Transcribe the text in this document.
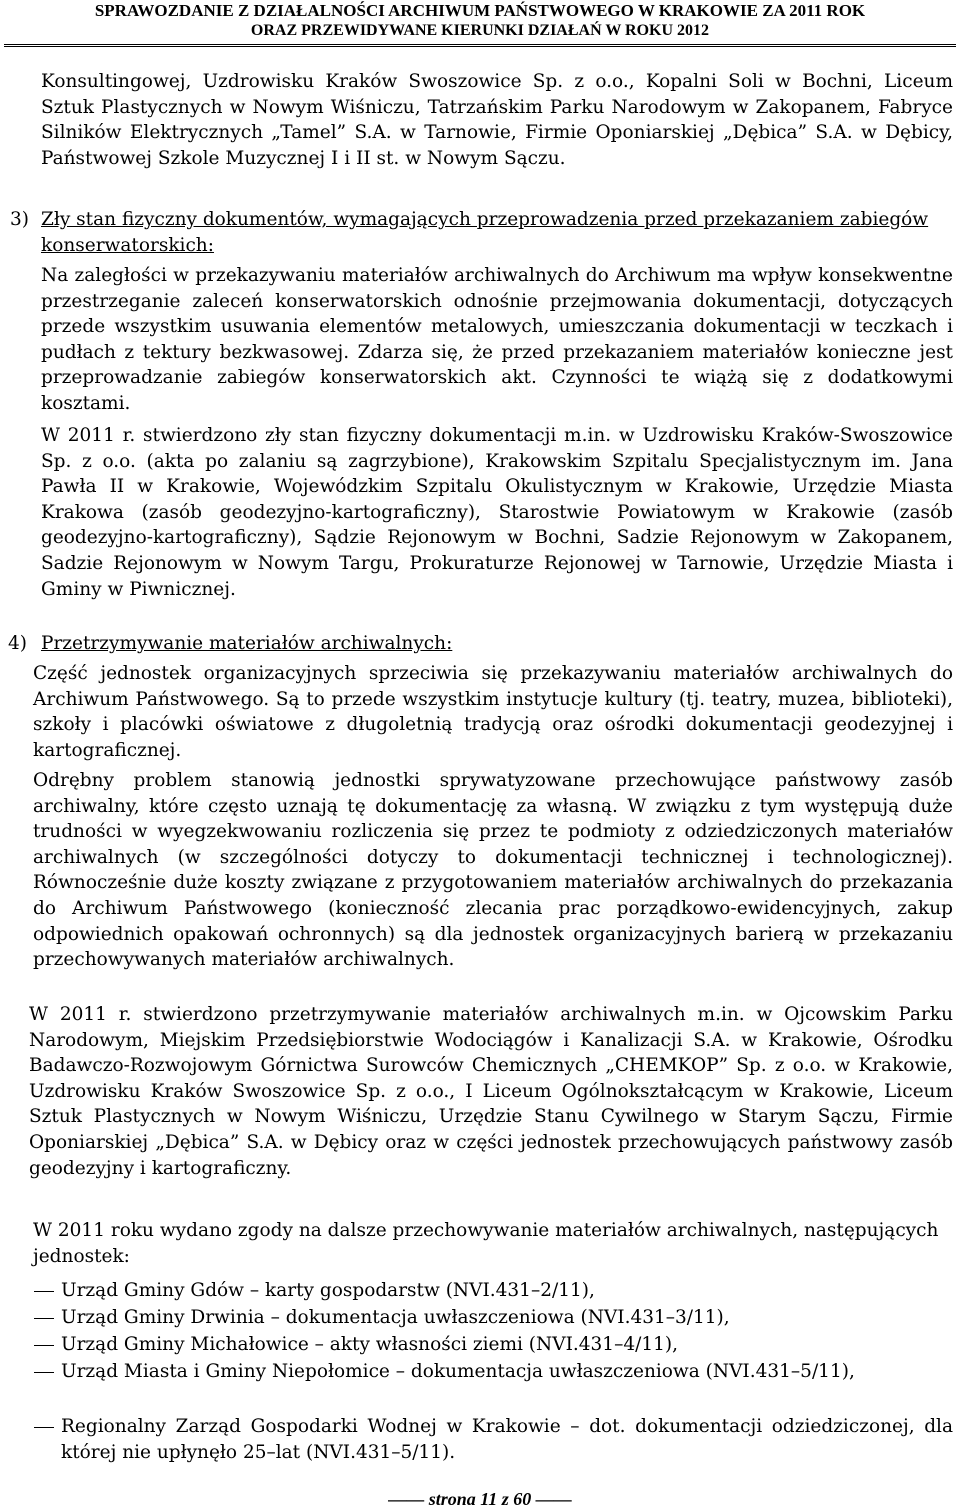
SPRAWOZDANIE Z DZIAŁALNOŚCI ARCHIWUM PAŃSTWOWEGO W KRAKOWIE ZA 2011 ROK
ORAZ PRZEWIDYWANE KIERUNKI DZIAŁAŃ W ROKU 2012

Konsultingowej, Uzdrowisku Kraków Swoszowice Sp. z o.o., Kopalni Soli w Bochni, Liceum Sztuk Plastycznych w Nowym Wiśniczu, Tatrzańskim Parku Narodowym w Zakopanem, Fabryce Silników Elektrycznych „Tamel” S.A. w Tarnowie, Firmie Oponiarskiej „Dębica” S.A. w Dębicy, Państwowej Szkole Muzycznej I i II st. w Nowym Sączu.

3) Zły stan fizyczny dokumentów, wymagających przeprowadzenia przed przekazaniem zabiegów konserwatorskich:

Na zaległości w przekazywaniu materiałów archiwalnych do Archiwum ma wpływ konsekwentne przestrzeganie zaleceń konserwatorskich odnośnie przejmowania dokumentacji, dotyczących przede wszystkim usuwania elementów metalowych, umieszczania dokumentacji w teczkach i pudłach z tektury bezkwasowej. Zdarza się, że przed przekazaniem materiałów konieczne jest przeprowadzanie zabiegów konserwatorskich akt. Czynności te wiążą się z dodatkowymi kosztami.

W 2011 r. stwierdzono zły stan fizyczny dokumentacji m.in. w Uzdrowisku Kraków-Swoszowice Sp. z o.o. (akta po zalaniu są zagrzybione), Krakowskim Szpitalu Specjalistycznym im. Jana Pawła II w Krakowie, Wojewódzkim Szpitalu Okulistycznym w Krakowie, Urzędzie Miasta Krakowa (zasób geodezyjno-kartograficzny), Starostwie Powiatowym w Krakowie (zasób geodezyjno-kartograficzny), Sądzie Rejonowym w Bochni, Sadzie Rejonowym w Zakopanem, Sadzie Rejonowym w Nowym Targu, Prokuraturze Rejonowej w Tarnowie, Urzędzie Miasta i Gminy w Piwnicznej.

4) Przetrzymywanie materiałów archiwalnych:

Część jednostek organizacyjnych sprzeciwia się przekazywaniu materiałów archiwalnych do Archiwum Państwowego. Są to przede wszystkim instytucje kultury (tj. teatry, muzea, biblioteki), szkoły i placówki oświatowe z długoletnią tradycją oraz ośrodki dokumentacji geodezyjnej i kartograficznej.

Odrębny problem stanowią jednostki sprywatyzowane przechowujące państwowy zasób archiwalny, które często uznają tę dokumentację za własną. W związku z tym występują duże trudności w wyegzekwowaniu rozliczenia się przez te podmioty z odziedziczonych materiałów archiwalnych (w szczególności dotyczy to dokumentacji technicznej i technologicznej). Równocześnie duże koszty związane z przygotowaniem materiałów archiwalnych do przekazania do Archiwum Państwowego (konieczność zlecania prac porządkowo-ewidencyjnych, zakup odpowiednich opakowań ochronnych) są dla jednostek organizacyjnych barierą w przekazaniu przechowywanych materiałów archiwalnych.

W 2011 r. stwierdzono przetrzymywanie materiałów archiwalnych m.in. w Ojcowskim Parku Narodowym, Miejskim Przedsiębiorstwie Wodociągów i Kanalizacji S.A. w Krakowie, Ośrodku Badawczo-Rozwojowym Górnictwa Surowców Chemicznych „CHEMKOP” Sp. z o.o. w Krakowie, Uzdrowisku Kraków Swoszowice Sp. z o.o., I Liceum Ogólnokształcącym w Krakowie, Liceum Sztuk Plastycznych w Nowym Wiśniczu, Urzędzie Stanu Cywilnego w Starym Sączu, Firmie Oponiarskiej „Dębica” S.A. w Dębicy oraz w części jednostek przechowujących państwowy zasób geodezyjny i kartograficzny.

W 2011 roku wydano zgody na dalsze przechowywanie materiałów archiwalnych, następujących jednostek:

Urząd Gminy Gdów – karty gospodarstw (NVI.431–2/11),

Urząd Gminy Drwinia – dokumentacja uwłaszczeniowa (NVI.431–3/11),

Urząd Gminy Michałowice – akty własności ziemi (NVI.431–4/11),

Urząd Miasta i Gminy Niepołomice – dokumentacja uwłaszczeniowa (NVI.431–5/11),

Regionalny Zarząd Gospodarki Wodnej w Krakowie – dot. dokumentacji odziedziczonej, dla której nie upłynęło 25–lat (NVI.431–5/11).

—— strona 11 z 60 ——
